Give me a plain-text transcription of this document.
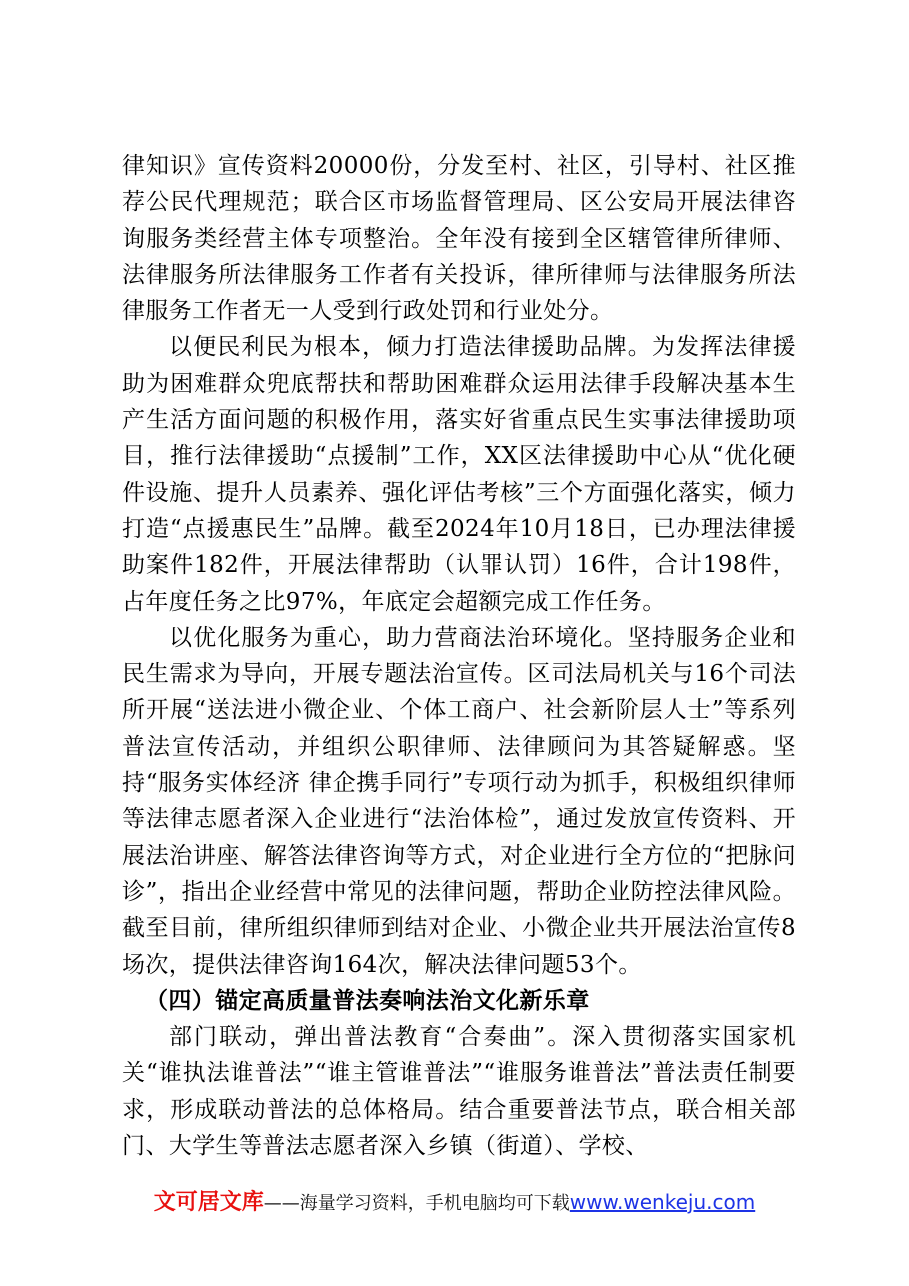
律知识》宣传资料20000份，分发至村、社区，引导村、社区推荐公民代理规范；联合区市场监督管理局、区公安局开展法律咨询服务类经营主体专项整治。全年没有接到全区辖管律所律师、法律服务所法律服务工作者有关投诉，律所律师与法律服务所法律服务工作者无一人受到行政处罚和行业处分。

以便民利民为根本，倾力打造法律援助品牌。为发挥法律援助为困难群众兜底帮扶和帮助困难群众运用法律手段解决基本生产生活方面问题的积极作用，落实好省重点民生实事法律援助项目，推行法律援助“点援制”工作，XX区法律援助中心从“优化硬件设施、提升人员素养、强化评估考核”三个方面强化落实，倾力打造“点援惠民生”品牌。截至2024年10月18日，已办理法律援助案件182件，开展法律帮助（认罪认罚）16件，合计198件，占年度任务之比97%，年底定会超额完成工作任务。

以优化服务为重心，助力营商法治环境化。坚持服务企业和民生需求为导向，开展专题法治宣传。区司法局机关与16个司法所开展“送法进小微企业、个体工商户、社会新阶层人士”等系列普法宣传活动，并组织公职律师、法律顾问为其答疑解惑。坚持“服务实体经济 律企携手同行”专项行动为抓手，积极组织律师等法律志愿者深入企业进行“法治体检”，通过发放宣传资料、开展法治讲座、解答法律咨询等方式，对企业进行全方位的“把脉问诊”，指出企业经营中常见的法律问题，帮助企业防控法律风险。截至目前，律所组织律师到结对企业、小微企业共开展法治宣传8场次，提供法律咨询164次，解决法律问题53个。

（四）锚定高质量普法奏响法治文化新乐章

部门联动，弹出普法教育“合奏曲”。深入贯彻落实国家机关“谁执法谁普法”“谁主管谁普法”“谁服务谁普法”普法责任制要求，形成联动普法的总体格局。结合重要普法节点，联合相关部门、大学生等普法志愿者深入乡镇（街道）、学校、

文可居文库——海量学习资料，手机电脑均可下载www.wenkeju.com
